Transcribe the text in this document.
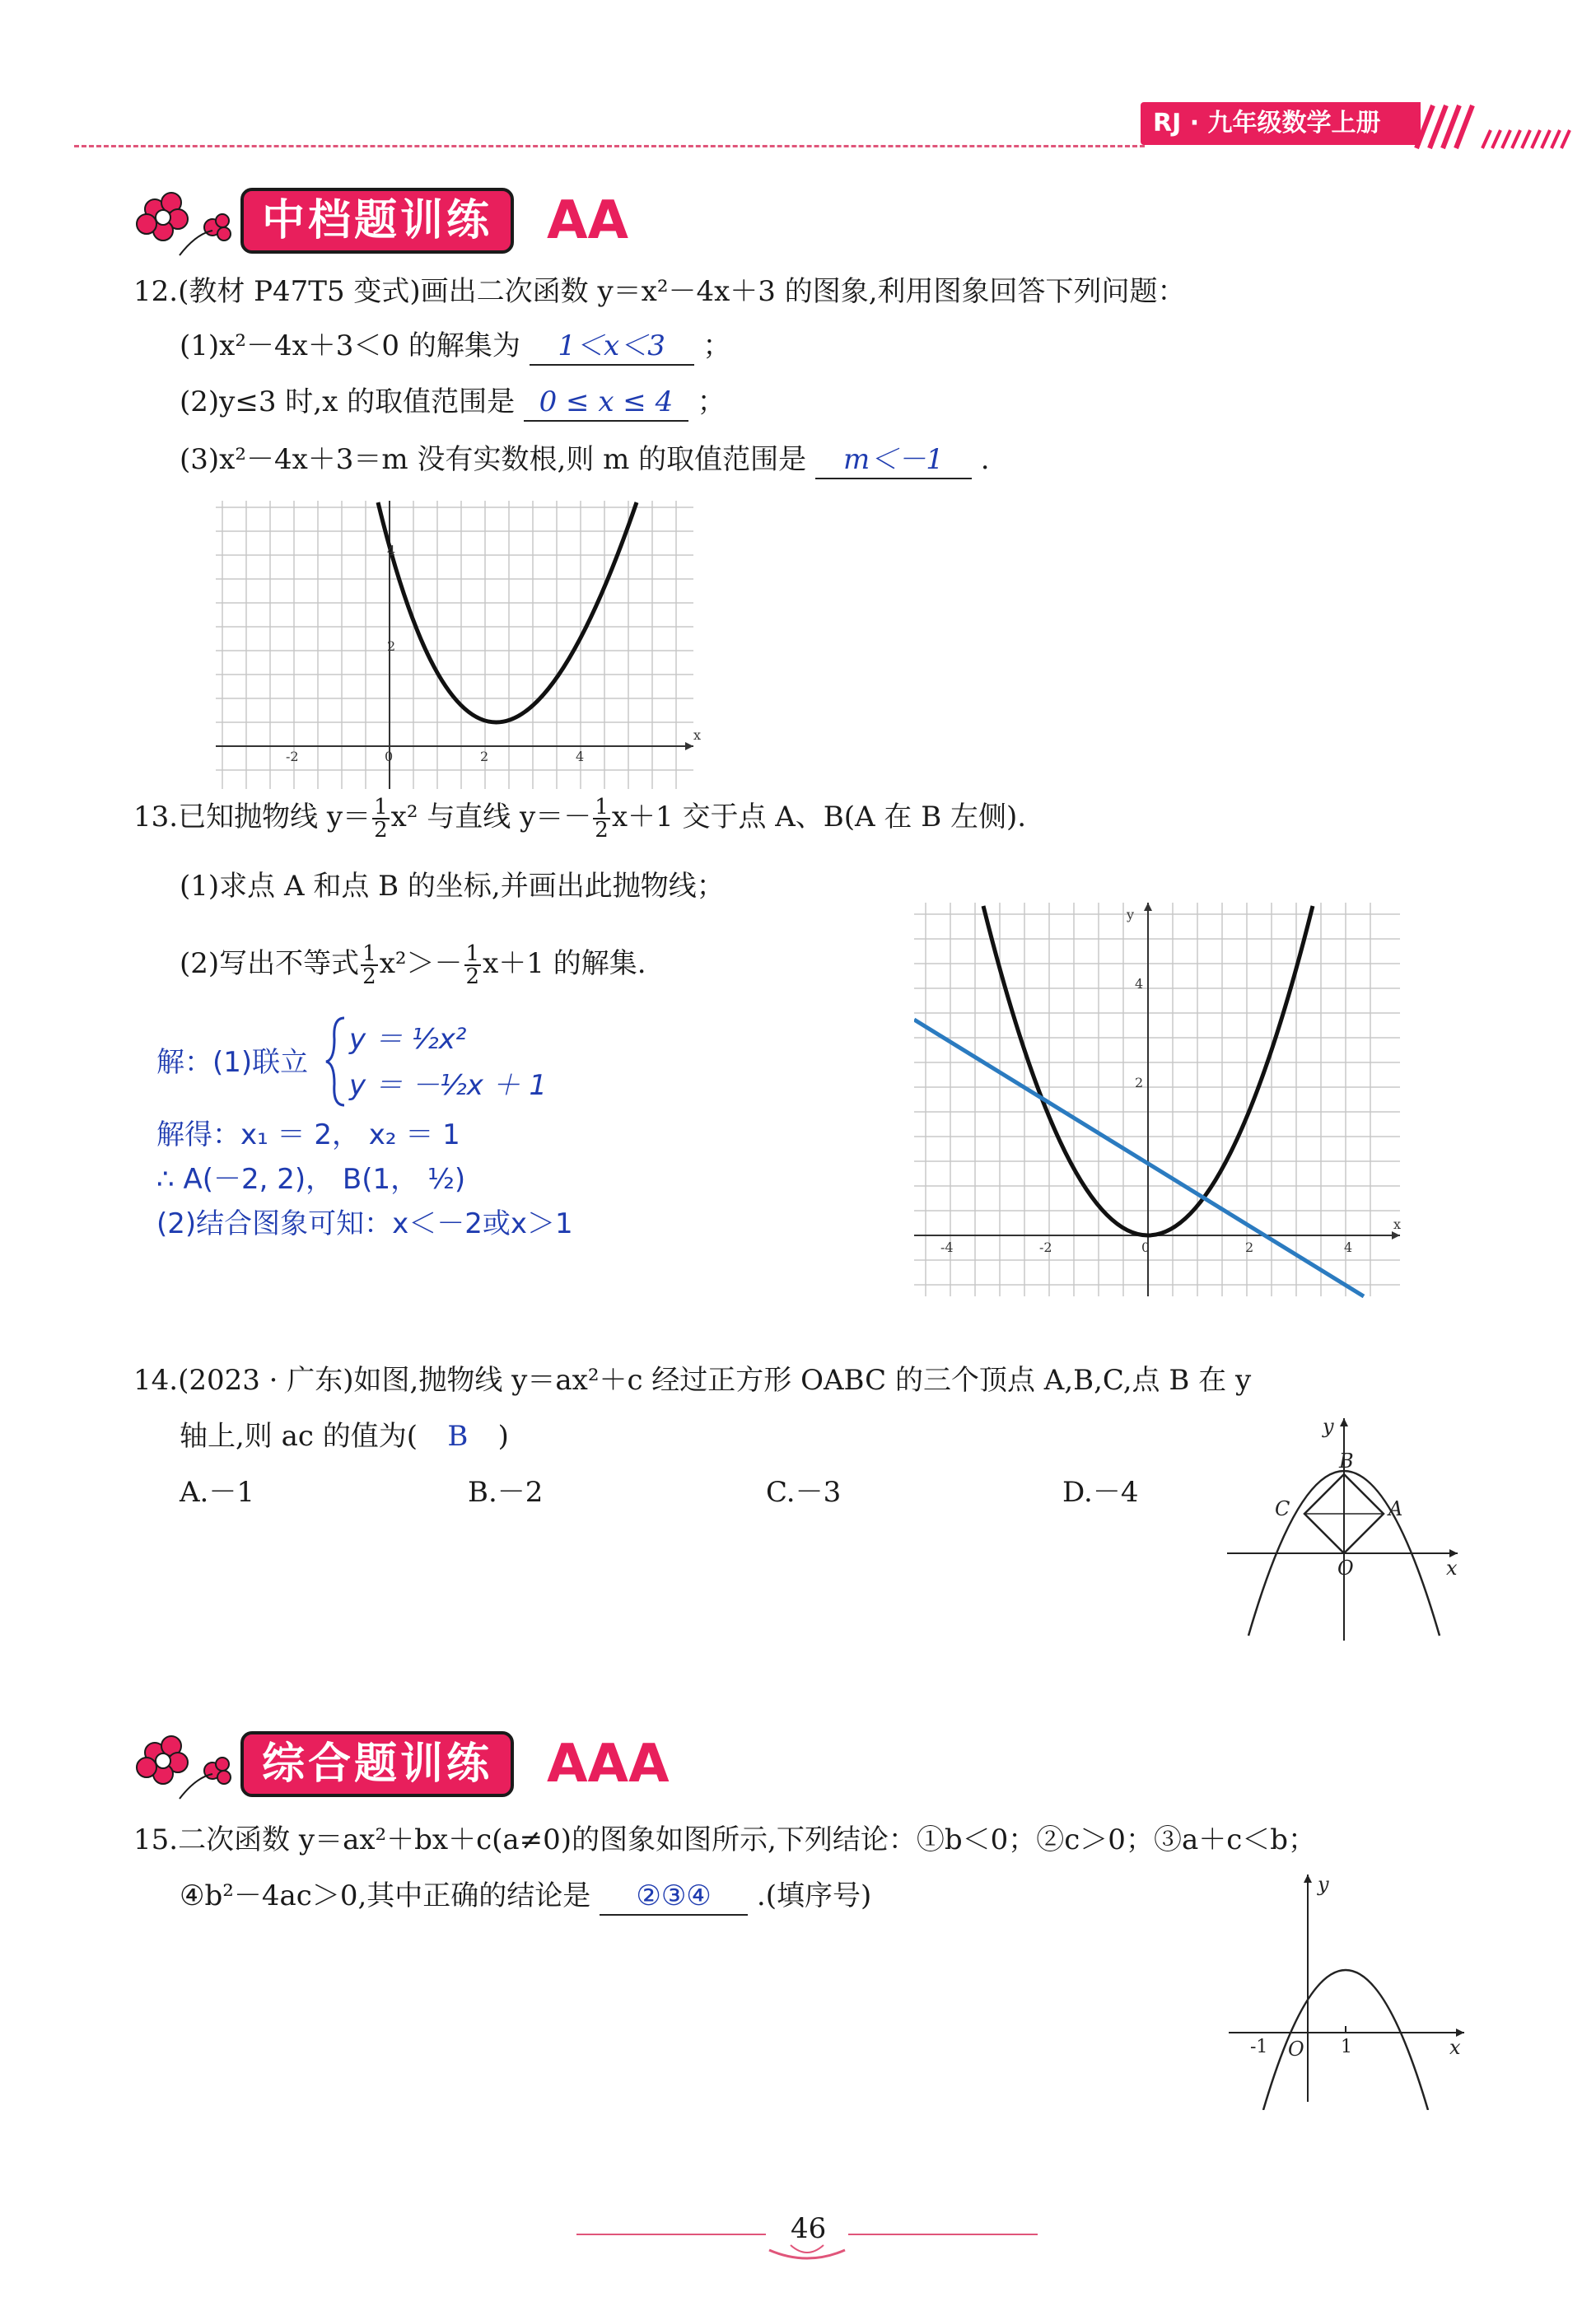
RJ · 九年级数学上册
中档题训练	AA
12.(教材 P47T5 变式)画出二次函数 y＝x²－4x＋3 的图象,利用图象回答下列问题：
(1)x²－4x＋3＜0 的解集为 1＜x＜3 ；
(2)y≤3 时,x 的取值范围是 0 ≤ x ≤ 4 ；
(3)x²－4x＋3＝m 没有实数根,则 m 的取值范围是 m＜－1 .
x
-2	0	2	4
4
2
13.已知抛物线 $y= \frac{1}{2} x^2$ 与直线 $y=- \frac{1}{2} x+1$ 交于点 A、B(A 在 B 左侧).
(1)求点 A 和点 B 的坐标,并画出此抛物线；
(2)写出不等式 $\frac{1}{2} x^2>- \frac{1}{2} x+1$ 的解集.
解：(1)联立
y ＝ ½x²
y ＝ －½x ＋ 1
解得：x₁ ＝ 2， x₂ ＝ 1
∴ A(－2, 2)， B(1， ½)
(2)结合图象可知：x＜－2或x＞1
y
x
-4	-2	0	2	4
4
2
14.(2023 · 广东)如图,抛物线 y＝ax²＋c 经过正方形 OABC 的三个顶点 A,B,C,点 B 在 y
轴上,则 ac 的值为( B )
A.－1	B.－2	C.－3	D.－4
y
B
C	A
O	x
综合题训练	AAA
15.二次函数 y＝ax²＋bx＋c(a≠0)的图象如图所示,下列结论：①b＜0；②c＞0；③a＋c＜b；
④b²－4ac＞0,其中正确的结论是 ②③④ .(填序号)	y
-1 O 1	x
46
